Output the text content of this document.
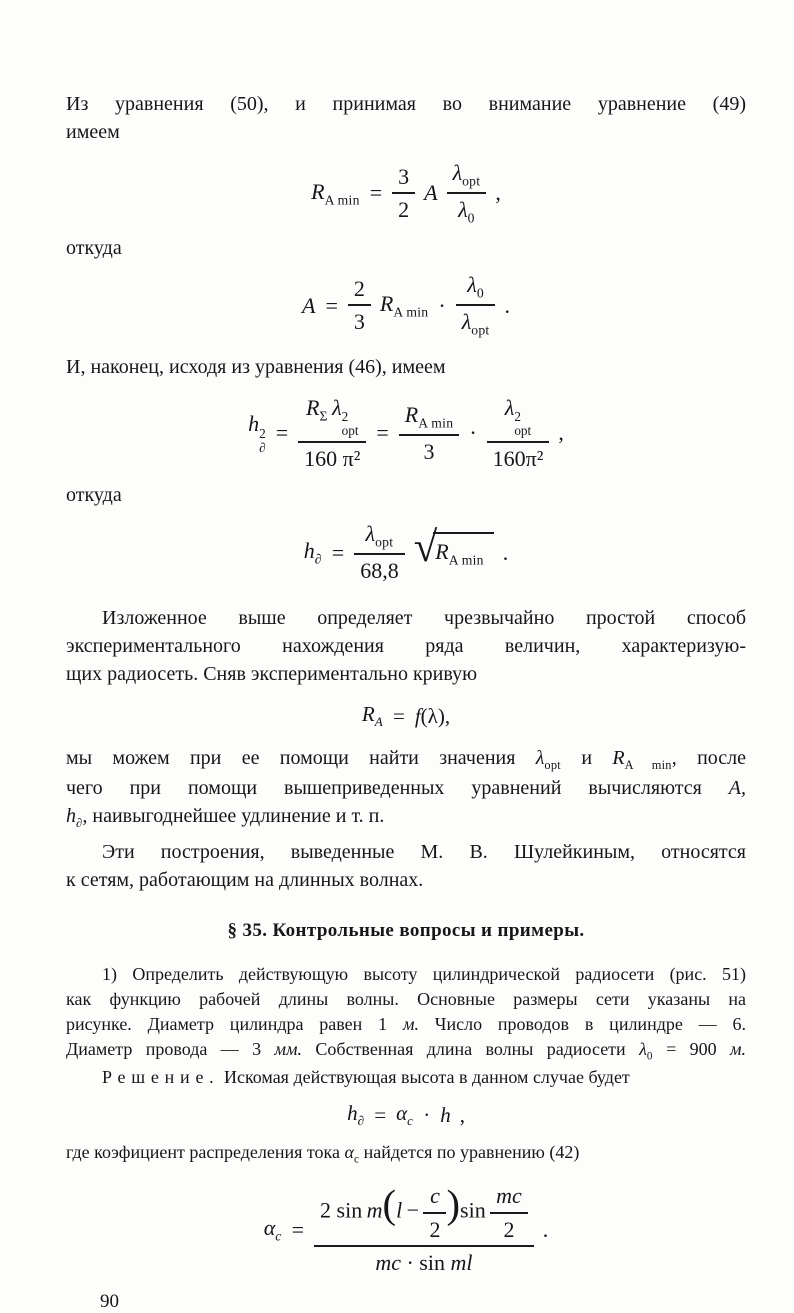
Из уравнения (50), и принимая во внимание уравнение (49)
имеем
$R_{A min} = \frac{3}{2}$ A $\frac{\lambda_{opt}}{\lambda_0}$ ,
откуда
$A = \frac{2}{3} R_{A min} \cdot \frac{\lambda_0}{\lambda_{opt}}$ .
И, наконец, исходя из уравнения (46), имеем
h 2
∂
= $R_\Sigma$  λ 2
opt
160 $\pi^2 = \frac{R_{A min}}{3} \cdot \lambda$ 2
opt
160π² ,
откуда
$h_\partial = \frac{\lambda_{opt}}{68,8}$ √
$R_{A min}$ .
Изложенное выше определяет чрезвычайно простой способ
экспериментального нахождения ряда величин, характеризую-
щих радиосеть. Сняв экспериментально кривую
$R_A = f(\lambda)$,
мы можем при ее помощи найти значения $\lambda_{opt}$ и $R_{A min}$, после
чего при помощи вышеприведенных уравнений вычисляются A,
$h_\partial$, наивыгоднейшее удлинение и т. п.
Эти построения, выведенные М. В. Шулейкиным, относятся
к сетям, работающим на длинных волнах.
§ 35. Контрольные вопросы и примеры.
1) Определить действующую высоту цилиндрической радиосети (рис. 51)
как функцию рабочей длины волны. Основные размеры сети указаны на
рисунке. Диаметр цилиндра равен 1 м. Число проводов в цилиндре — 6.
Диаметр провода — 3 мм. Собственная длина волны радиосети $\lambda_0 = 900$ м.
Решение. Искомая действующая высота в данном случае будет
$h_\partial = \alpha_c \cdot h$ ,
где коэфициент распределения тока $\alpha_c$ найдется по уравнению (42)
$\alpha_c = \frac{2 \sin m(l - \frac{c}{2} )\sin \frac{mc}{2}}{\text{mc · sin ml}}$ .
90
